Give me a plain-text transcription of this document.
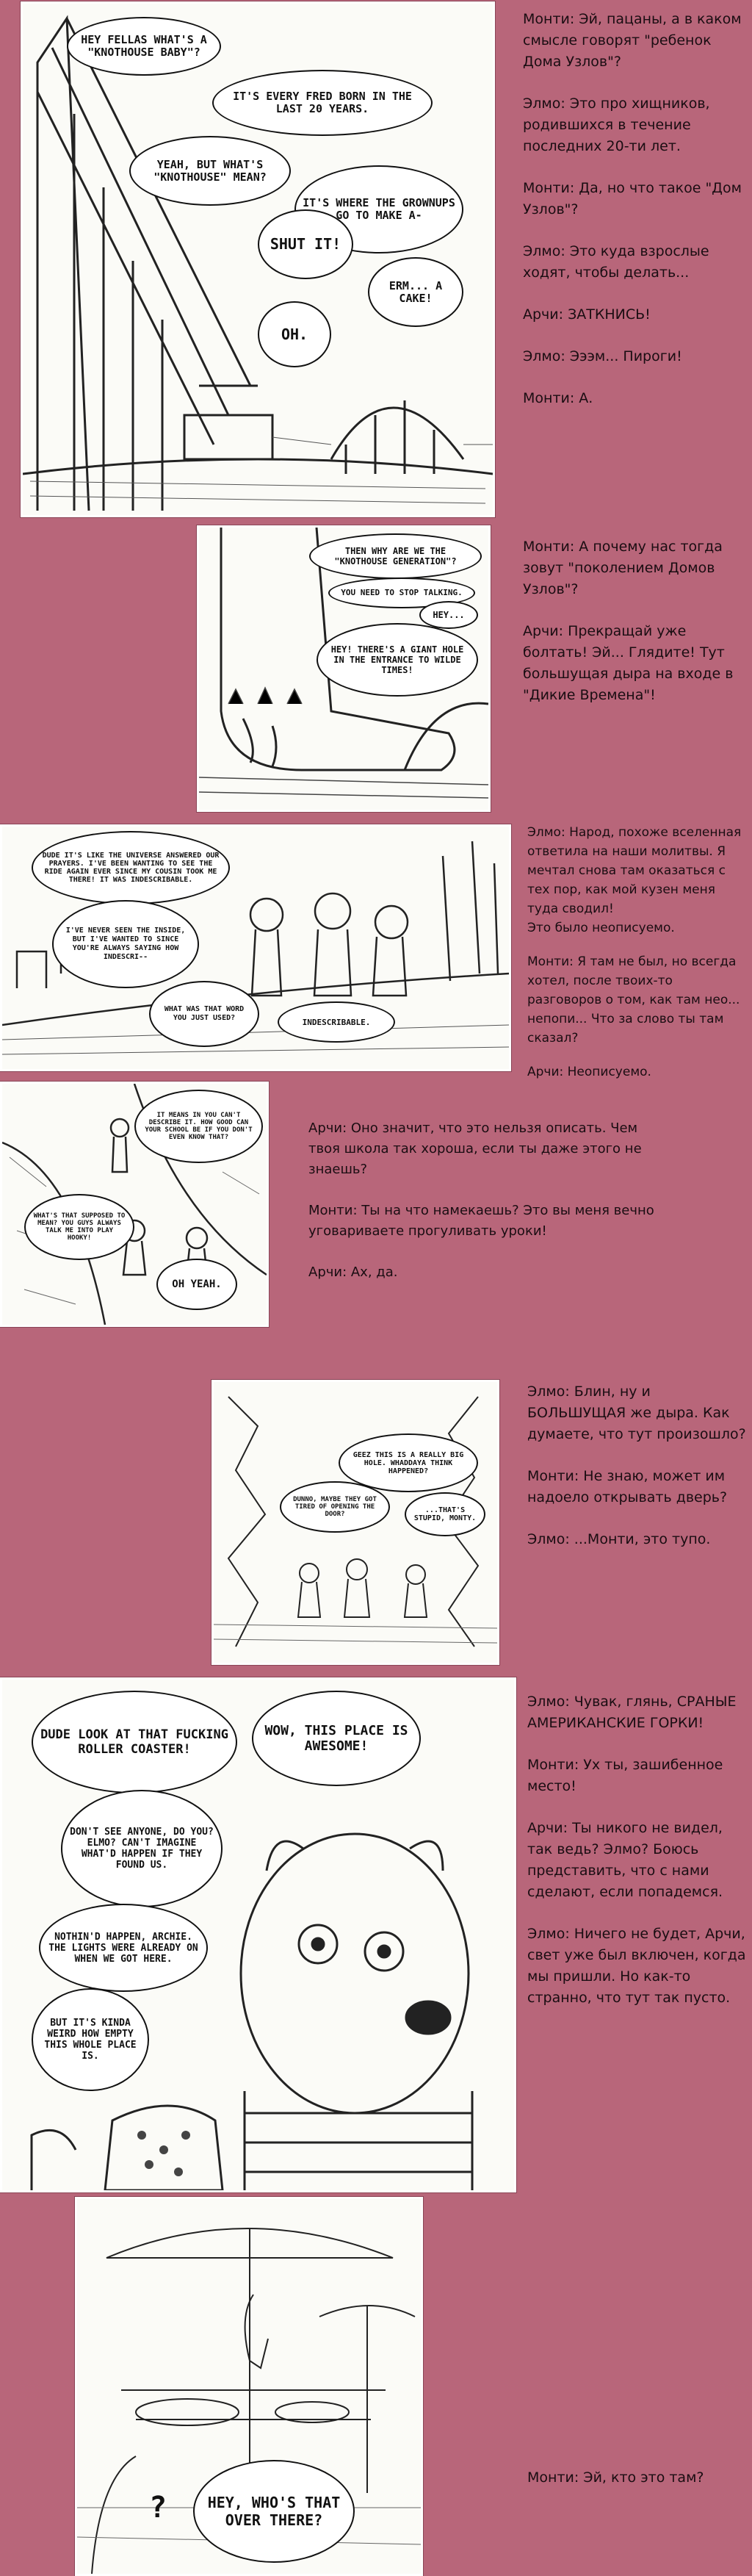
HEY FELLAS WHAT'S A "KNOTHOUSE BABY"?
IT'S EVERY FRED BORN IN THE LAST 20 YEARS.
YEAH, BUT WHAT'S "KNOTHOUSE" MEAN?
IT'S WHERE THE GROWNUPS GO TO MAKE A-
SHUT IT!
ERM... A CAKE!
OH.

Монти: Эй, пацаны, а в каком смысле говорят "ребенок Дома Узлов"?

Элмо: Это про хищников, родившихся в течение последних 20-ти лет.

Монти: Да, но что такое "Дом Узлов"?

Элмо: Это куда взрослые ходят, чтобы делать...

Арчи: ЗАТКНИСЬ!

Элмо: Эээм... Пироги!

Монти: А.

THEN WHY ARE WE THE "KNOTHOUSE GENERATION"?
YOU NEED TO STOP TALKING.
HEY...
HEY! THERE'S A GIANT HOLE IN THE ENTRANCE TO WILDE TIMES!

Монти: А почему нас тогда зовут "поколением Домов Узлов"?

Арчи: Прекращай уже болтать! Эй... Глядите! Тут большущая дыра на входе в "Дикие Времена"!

DUDE IT'S LIKE THE UNIVERSE ANSWERED OUR PRAYERS. I'VE BEEN WANTING TO SEE THE RIDE AGAIN EVER SINCE MY COUSIN TOOK ME THERE! IT WAS INDESCRIBABLE.
I'VE NEVER SEEN THE INSIDE, BUT I'VE WANTED TO SINCE YOU'RE ALWAYS SAYING HOW INDESCRI--
WHAT WAS THAT WORD YOU JUST USED?	INDESCRIBABLE.

Элмо: Народ, похоже вселенная ответила на наши молитвы. Я мечтал снова там оказаться с тех пор, как мой кузен меня туда сводил!
Это было неописуемо.

Монти: Я там не был, но всегда хотел, после твоих-то разговоров о том, как там нео... непопи... Что за слово ты там сказал?

Арчи: Неописуемо.

IT MEANS IN YOU CAN'T DESCRIBE IT. HOW GOOD CAN YOUR SCHOOL BE IF YOU DON'T EVEN KNOW THAT?
WHAT'S THAT SUPPOSED TO MEAN? YOU GUYS ALWAYS TALK ME INTO PLAY HOOKY!
OH YEAH.

Арчи: Оно значит, что это нельзя описать. Чем твоя школа так хороша, если ты даже этого не знаешь?

Монти: Ты на что намекаешь? Это вы меня вечно уговариваете прогуливать уроки!

Арчи: Ах, да.

GEEZ THIS IS A REALLY BIG HOLE. WHADDAYA THINK HAPPENED?
DUNNO, MAYBE THEY GOT TIRED OF OPENING THE DOOR?	...THAT'S STUPID, MONTY.

Элмо: Блин, ну и БОЛЬШУЩАЯ же дыра. Как думаете, что тут произошло?

Монти: Не знаю, может им надоело открывать дверь?

Элмо: ...Монти, это тупо.

DUDE LOOK AT THAT FUCKING ROLLER COASTER!
WOW, THIS PLACE IS AWESOME!
DON'T SEE ANYONE, DO YOU? ELMO? CAN'T IMAGINE WHAT'D HAPPEN IF THEY FOUND US.
NOTHIN'D HAPPEN, ARCHIE. THE LIGHTS WERE ALREADY ON WHEN WE GOT HERE.
BUT IT'S KINDA WEIRD HOW EMPTY THIS WHOLE PLACE IS.

Элмо: Чувак, глянь, СРАНЫЕ АМЕРИКАНСКИЕ ГОРКИ!

Монти: Ух ты, зашибенное место!

Арчи: Ты никого не видел, так ведь? Элмо? Боюсь представить, что с нами сделают, если попадемся.

Элмо: Ничего не будет, Арчи, свет уже был включен, когда мы пришли. Но как-то странно, что тут так пусто.

HEY, WHO'S THAT OVER THERE?
?

Монти: Эй, кто это там?
